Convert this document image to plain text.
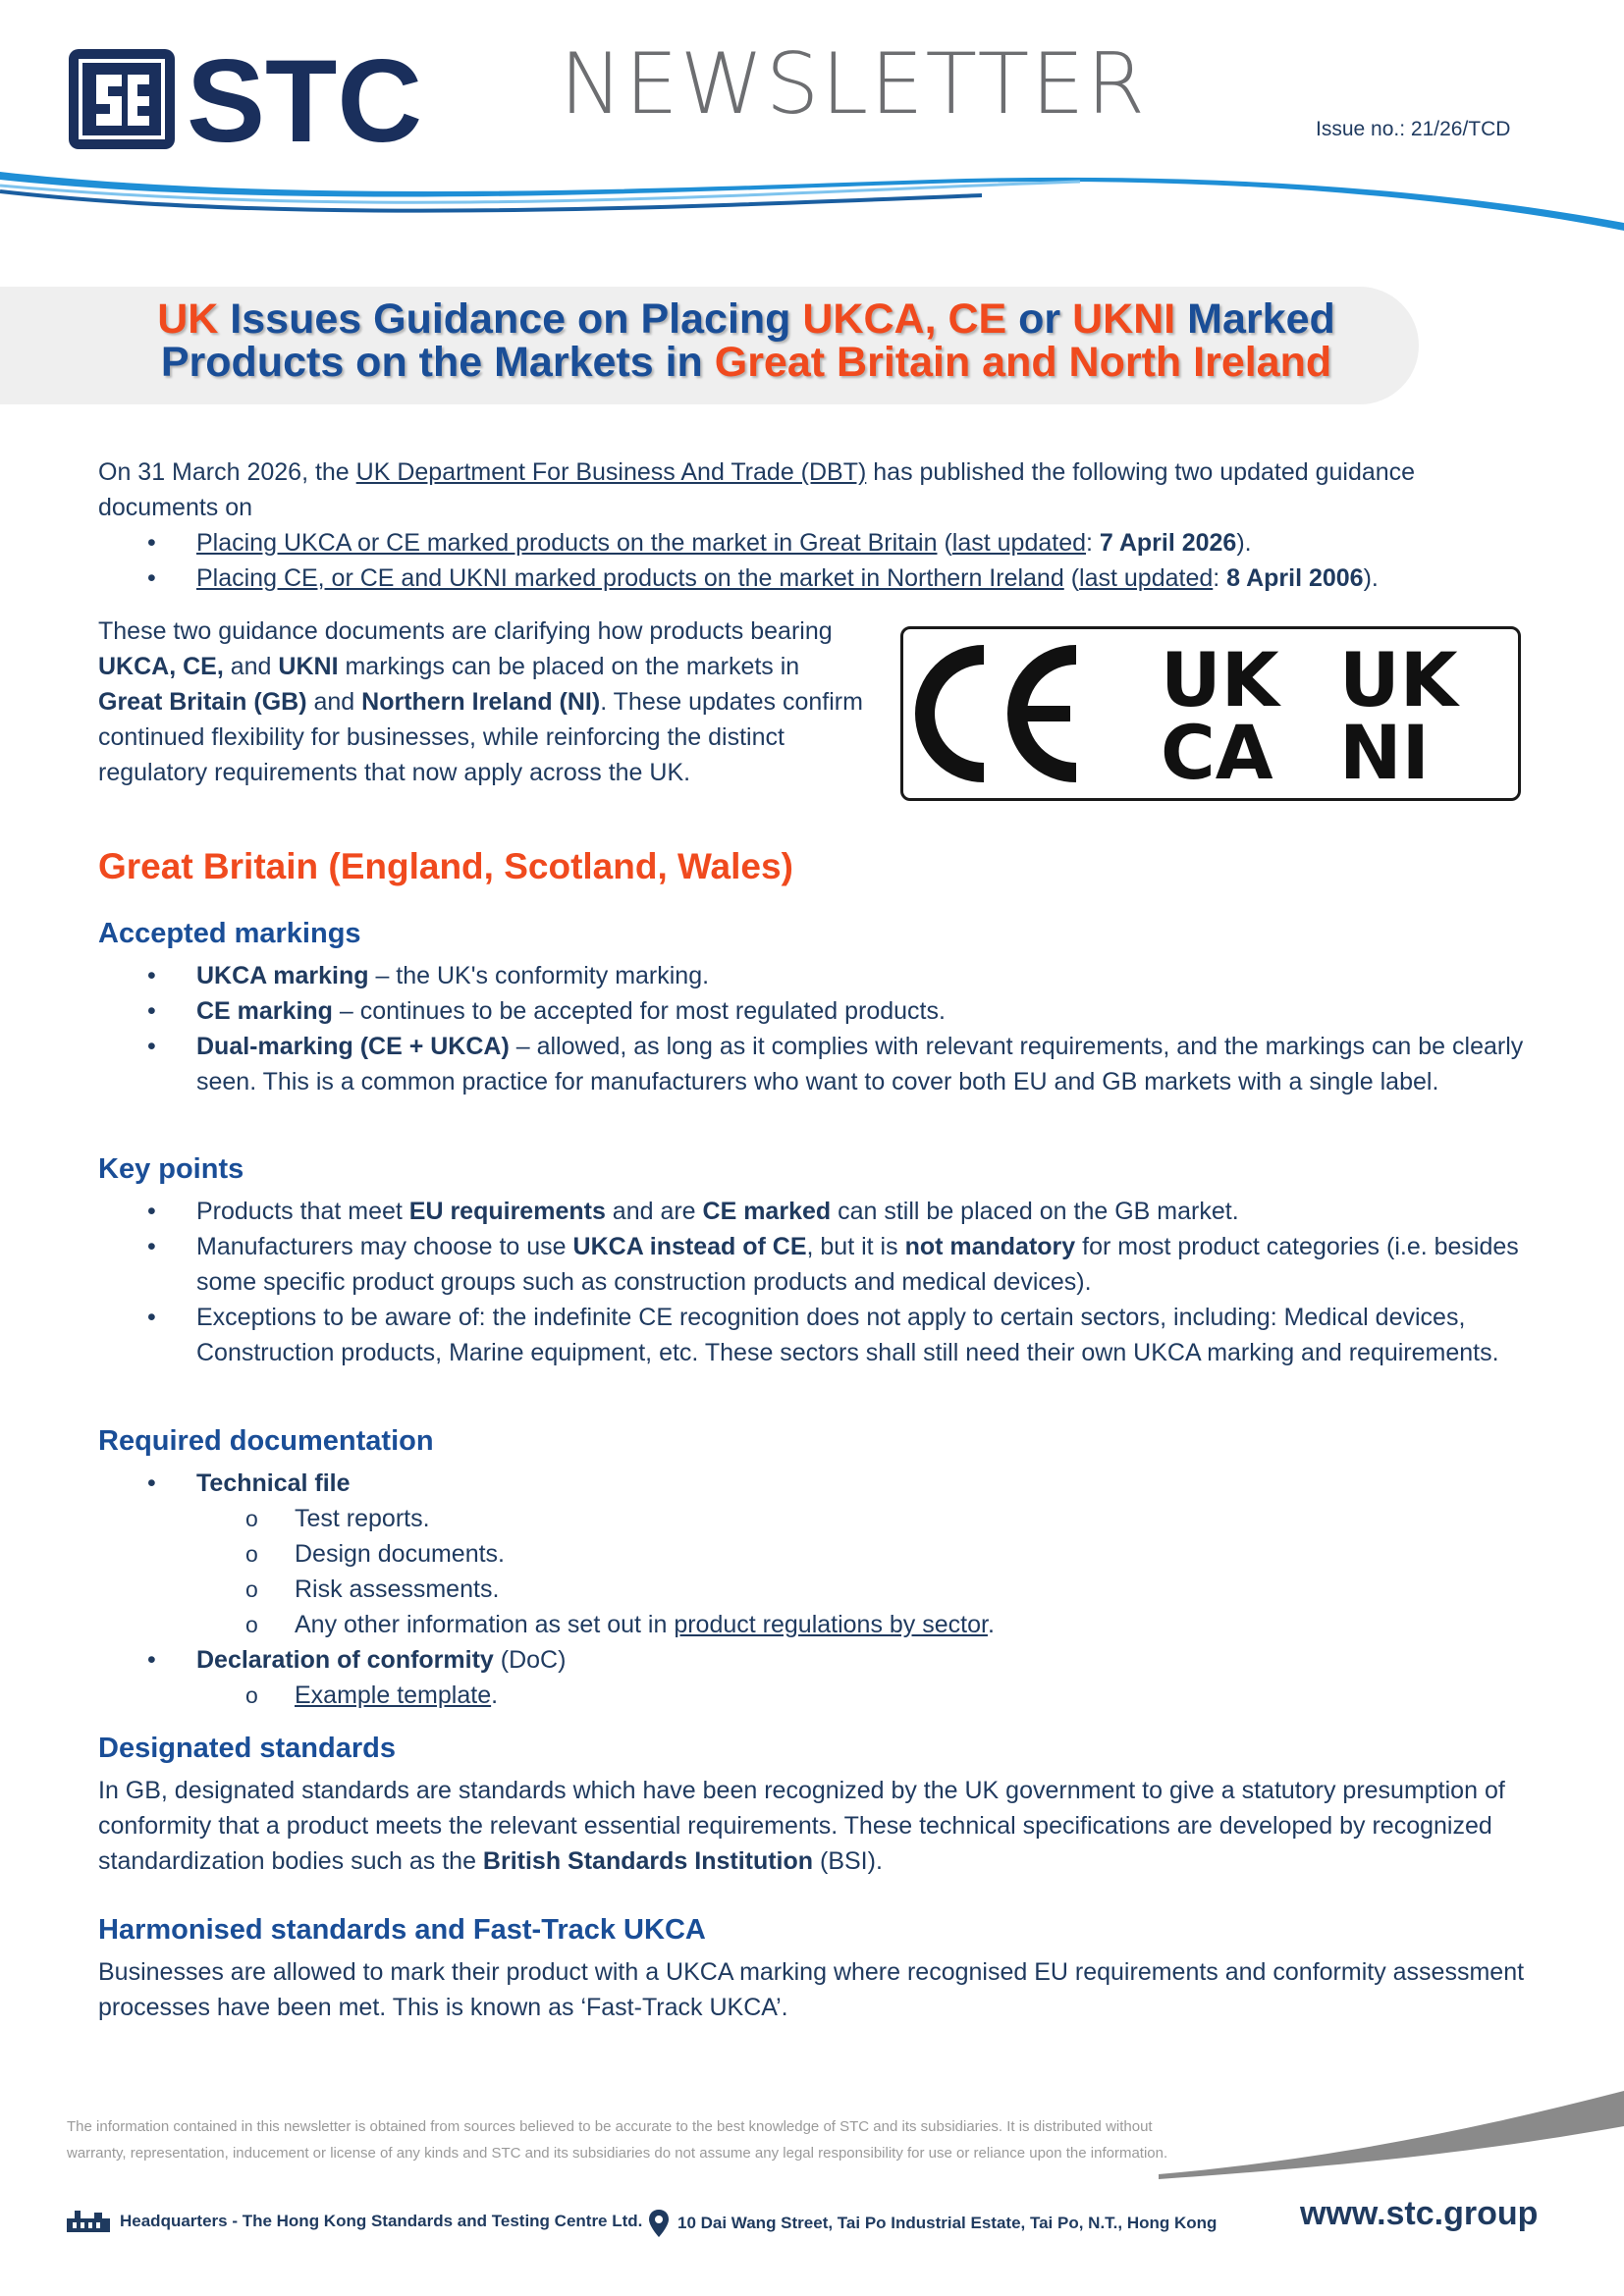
STC NEWSLETTER	Issue no.: 21/26/TCD
UK Issues Guidance on Placing UKCA, CE or UKNI Marked
Products on the Markets in Great Britain and North Ireland
On 31 March 2026, the UK Department For Business And Trade (DBT) has published the following two updated guidance documents on
• Placing UKCA or CE marked products on the market in Great Britain (last updated: 7 April 2026).
• Placing CE, or CE and UKNI marked products on the market in Northern Ireland (last updated: 8 April 2006).
These two guidance documents are clarifying how products bearing UKCA, CE, and UKNI markings can be placed on the markets in Great Britain (GB) and Northern Ireland (NI). These updates confirm continued flexibility for businesses, while reinforcing the distinct regulatory requirements that now apply across the UK.
UK
CA
UK
NI
Great Britain (England, Scotland, Wales)
Accepted markings
• UKCA marking – the UK's conformity marking.
• CE marking – continues to be accepted for most regulated products.
• Dual‑marking (CE + UKCA) – allowed, as long as it complies with relevant requirements, and the markings can be clearly seen. This is a common practice for manufacturers who want to cover both EU and GB markets with a single label.
Key points
• Products that meet EU requirements and are CE marked can still be placed on the GB market.
• Manufacturers may choose to use UKCA instead of CE, but it is not mandatory for most product categories (i.e. besides some specific product groups such as construction products and medical devices).
• Exceptions to be aware of: the indefinite CE recognition does not apply to certain sectors, including: Medical devices, Construction products, Marine equipment, etc. These sectors shall still need their own UKCA marking and requirements.
Required documentation
• Technical file
o Test reports.
o Design documents.
o Risk assessments.
o Any other information as set out in product regulations by sector.
• Declaration of conformity (DoC)
o Example template.
Designated standards
In GB, designated standards are standards which have been recognized by the UK government to give a statutory presumption of conformity that a product meets the relevant essential requirements. These technical specifications are developed by recognized standardization bodies such as the British Standards Institution (BSI).
Harmonised standards and Fast-Track UKCA
Businesses are allowed to mark their product with a UKCA marking where recognised EU requirements and conformity assessment processes have been met. This is known as ‘Fast-Track UKCA’.
The information contained in this newsletter is obtained from sources believed to be accurate to the best knowledge of STC and its subsidiaries. It is distributed without
warranty, representation, inducement or license of any kinds and STC and its subsidiaries do not assume any legal responsibility for use or reliance upon the information.
Headquarters - The Hong Kong Standards and Testing Centre Ltd. 10 Dai Wang Street, Tai Po Industrial Estate, Tai Po, N.T., Hong Kong www.stc.group
